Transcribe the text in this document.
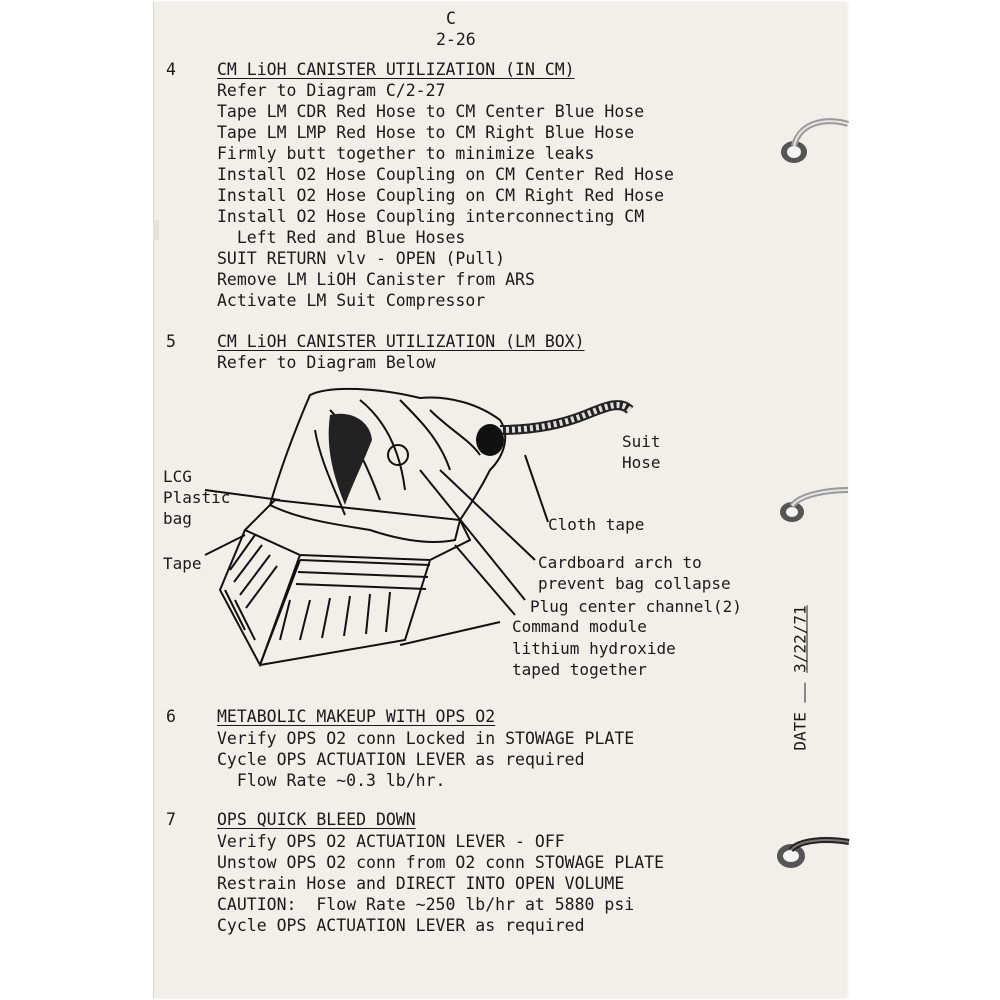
C
2-26
4 CM LiOH CANISTER UTILIZATION (IN CM)
Refer to Diagram C/2-27
Tape LM CDR Red Hose to CM Center Blue Hose
Tape LM LMP Red Hose to CM Right Blue Hose
Firmly butt together to minimize leaks
Install O2 Hose Coupling on CM Center Red Hose
Install O2 Hose Coupling on CM Right Red Hose
Install O2 Hose Coupling interconnecting CM
Left Red and Blue Hoses
SUIT RETURN vlv - OPEN (Pull)
Remove LM LiOH Canister from ARS
Activate LM Suit Compressor
5 CM LiOH CANISTER UTILIZATION (LM BOX)
Refer to Diagram Below
Suit
Hose
LCG
Plastic
bag
Tape
Cloth tape
Cardboard arch to
prevent bag collapse
Plug center channel(2)
Command module
lithium hydroxide
taped together
6 METABOLIC MAKEUP WITH OPS O2
Verify OPS O2 conn Locked in STOWAGE PLATE
Cycle OPS ACTUATION LEVER as required
Flow Rate ~0.3 lb/hr.
7 OPS QUICK BLEED DOWN
Verify OPS O2 ACTUATION LEVER - OFF
Unstow OPS O2 conn from O2 conn STOWAGE PLATE
Restrain Hose and DIRECT INTO OPEN VOLUME
CAUTION:  Flow Rate ~250 lb/hr at 5880 psi
Cycle OPS ACTUATION LEVER as required
DATE  3/22/71
